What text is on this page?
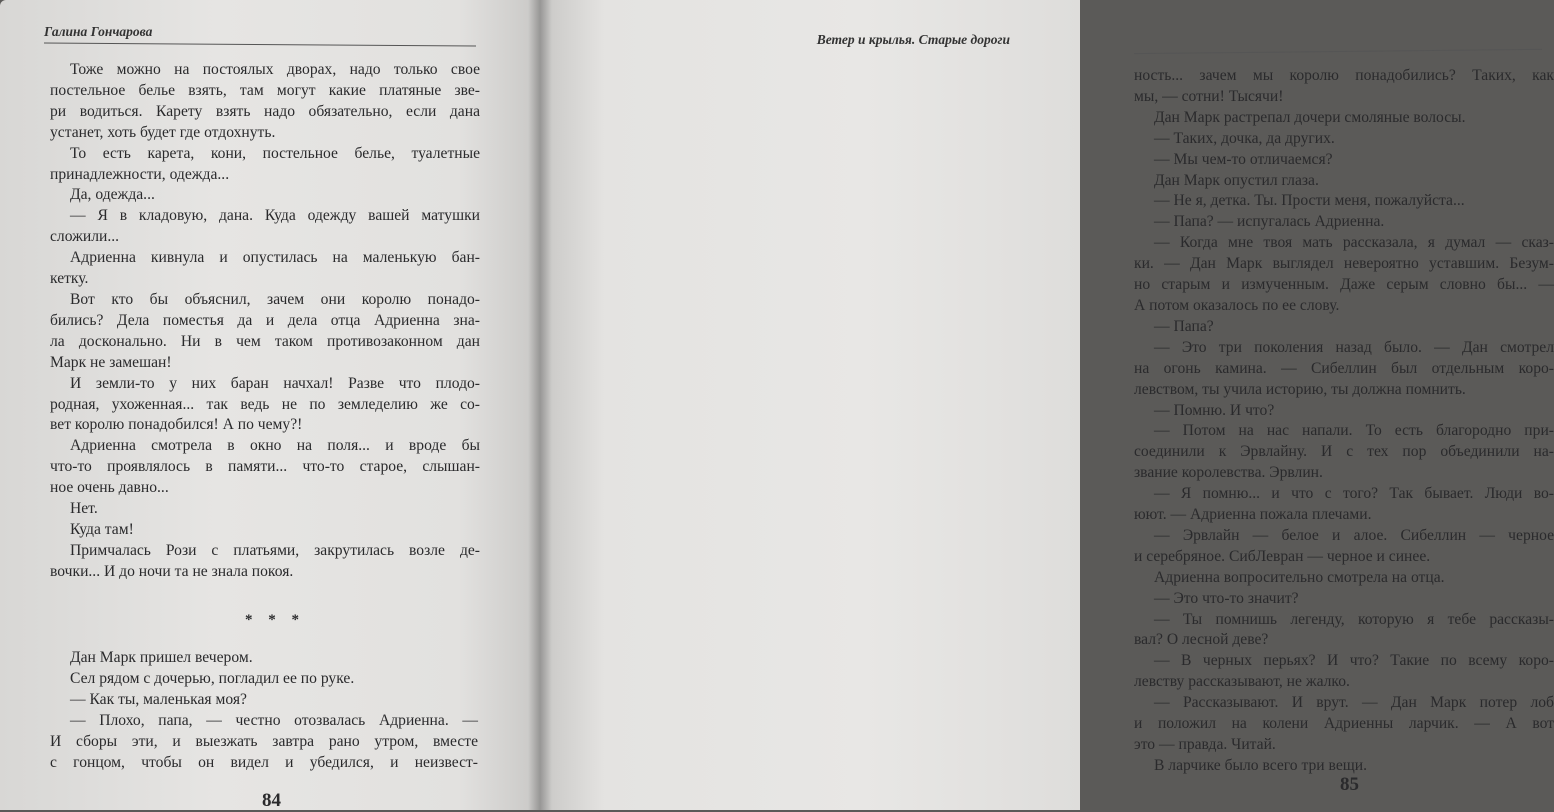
Галина Гончарова
Тоже можно на постоялых дворах, надо только свое
постельное белье взять, там могут какие платяные зве-
ри водиться. Карету взять надо обязательно, если дана
устанет, хоть будет где отдохнуть.
То есть карета, кони, постельное белье, туалетные
принадлежности, одежда...
Да, одежда...
— Я в кладовую, дана. Куда одежду вашей матушки
сложили...
Адриенна кивнула и опустилась на маленькую бан-
кетку.
Вот кто бы объяснил, зачем они королю понадо-
бились? Дела поместья да и дела отца Адриенна зна-
ла досконально. Ни в чем таком противозаконном дан
Марк не замешан!
И земли-то у них баран начхал! Разве что плодо-
родная, ухоженная... так ведь не по земледелию же со-
вет королю понадобился! А по чему?!
Адриенна смотрела в окно на поля... и вроде бы
что-то проявлялось в памяти... что-то старое, слышан-
ное очень давно...
Нет.
Куда там!
Примчалась Рози с платьями, закрутилась возле де-
вочки... И до ночи та не знала покоя.
* * *
Дан Марк пришел вечером.
Сел рядом с дочерью, погладил ее по руке.
— Как ты, маленькая моя?
— Плохо, папа, — честно отозвалась Адриенна. —
И сборы эти, и выезжать завтра рано утром, вместе
с гонцом, чтобы он видел и убедился, и неизвест-
84
Ветер и крылья. Старые дороги
ность... зачем мы королю понадобились? Таких, как
мы, — сотни! Тысячи!
Дан Марк растрепал дочери смоляные волосы.
— Таких, дочка, да других.
— Мы чем-то отличаемся?
Дан Марк опустил глаза.
— Не я, детка. Ты. Прости меня, пожалуйста...
— Папа? — испугалась Адриенна.
— Когда мне твоя мать рассказала, я думал — сказ-
ки. — Дан Марк выглядел невероятно уставшим. Безум-
но старым и измученным. Даже серым словно бы... —
А потом оказалось по ее слову.
— Папа?
— Это три поколения назад было. — Дан смотрел
на огонь камина. — Сибеллин был отдельным коро-
левством, ты учила историю, ты должна помнить.
— Помню. И что?
— Потом на нас напали. То есть благородно при-
соединили к Эрвлайну. И с тех пор объединили на-
звание королевства. Эрвлин.
— Я помню... и что с того? Так бывает. Люди во-
юют. — Адриенна пожала плечами.
— Эрвлайн — белое и алое. Сибеллин — черное
и серебряное. СибЛевран — черное и синее.
Адриенна вопросительно смотрела на отца.
— Это что-то значит?
— Ты помнишь легенду, которую я тебе рассказы-
вал? О лесной деве?
— В черных перьях? И что? Такие по всему коро-
левству рассказывают, не жалко.
— Рассказывают. И врут. — Дан Марк потер лоб
и положил на колени Адриенны ларчик. — А вот
это — правда. Читай.
В ларчике было всего три вещи.
85
